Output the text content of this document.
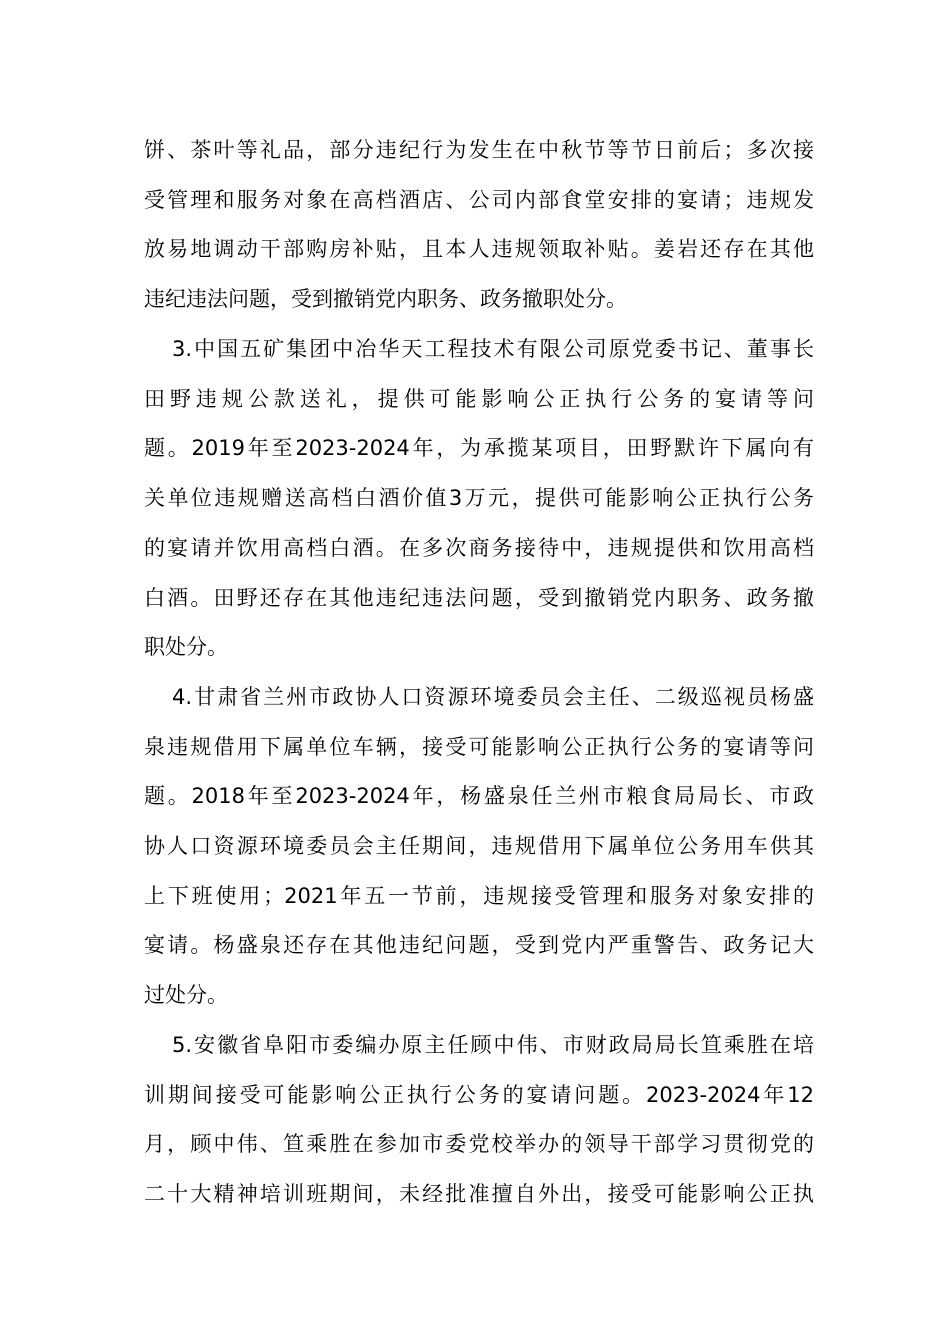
饼、茶叶等礼品，部分违纪行为发生在中秋节等节日前后；多次接
受管理和服务对象在高档酒店、公司内部食堂安排的宴请；违规发
放易地调动干部购房补贴，且本人违规领取补贴。姜岩还存在其他
违纪违法问题，受到撤销党内职务、政务撤职处分。
3.中国五矿集团中冶华天工程技术有限公司原党委书记、董事长
田野违规公款送礼，提供可能影响公正执行公务的宴请等问
题。2019年至2023-2024年，为承揽某项目，田野默许下属向有
关单位违规赠送高档白酒价值3万元，提供可能影响公正执行公务
的宴请并饮用高档白酒。在多次商务接待中，违规提供和饮用高档
白酒。田野还存在其他违纪违法问题，受到撤销党内职务、政务撤
职处分。
4.甘肃省兰州市政协人口资源环境委员会主任、二级巡视员杨盛
泉违规借用下属单位车辆，接受可能影响公正执行公务的宴请等问
题。2018年至2023-2024年，杨盛泉任兰州市粮食局局长、市政
协人口资源环境委员会主任期间，违规借用下属单位公务用车供其
上下班使用；2021年五一节前，违规接受管理和服务对象安排的
宴请。杨盛泉还存在其他违纪问题，受到党内严重警告、政务记大
过处分。
5.安徽省阜阳市委编办原主任顾中伟、市财政局局长笪乘胜在培
训期间接受可能影响公正执行公务的宴请问题。2023-2024年12
月，顾中伟、笪乘胜在参加市委党校举办的领导干部学习贯彻党的
二十大精神培训班期间，未经批准擅自外出，接受可能影响公正执
